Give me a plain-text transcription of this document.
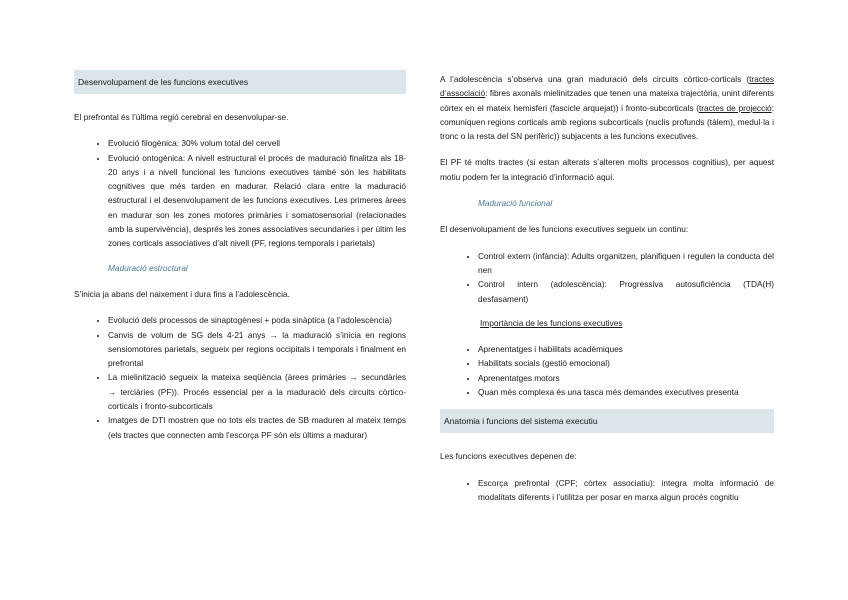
Desenvolupament de les funcions executives

El prefrontal és l’última regió cerebral en desenvolupar-se.

• Evolució filogènica: 30% volum total del cervell
• Evolució ontogènica: A nivell estructural el procés de maduració finalitza als 18-20 anys i a nivell funcional les funcions executives també són les habilitats cognitives que més tarden en madurar. Relació clara entre la maduració estructural i el desenvolupament de les funcions executives. Les primeres àrees en madurar son les zones motores primàries i somatosensorial (relacionades amb la supervivència), després les zones associatives secundaries i per últim les zones corticals associatives d’alt nivell (PF, regions temporals i parietals)
Maduració estructural

S’inicia ja abans del naixement i dura fins a l’adolescència.

• Evolució dels processos de sinaptogènesi + poda sinàptica (a l’adolescència)
• Canvis de volum de SG dels 4-21 anys → la maduració s’inicia en regions sensiomotores parietals, segueix per regions occipitals i temporals i finalment en prefrontal
• La mielinització segueix la mateixa seqüència (àrees primàries → secundàries → terciàries (PF)). Procés essencial per a la maduració dels circuits còrtico-corticals i fronto-subcorticals
• Imatges de DTI mostren que no tots els tractes de SB maduren al mateix temps (els tractes que connecten amb l’escorça PF són els últims a madurar)

A l’adolescència s’observa una gran maduració dels circuits còrtico-corticals (tractes d’associació: fibres axonals mielinitzades que tenen una mateixa trajectòria, unint diferents còrtex en el mateix hemisferi (fascicle arquejat)) i fronto-subcorticals (tractes de projecció: comuniquen regions corticals amb regions subcorticals (nuclis profunds (tàlem), medul·la i tronc o la resta del SN perifèric)) subjacents a les funcions executives.

El PF té molts tractes (si estan alterats s’alteren molts processos cognitius), per aquest motiu podem fer la integració d’informació aquí.

Maduració funcional

El desenvolupament de les funcions executives segueix un continu:

• Control extern (infància): Adults organitzen, planifiquen i regulen la conducta del nen
• Control intern (adolescència): Progressiva autosuficiència (TDA(H) desfasament)
Importància de les funcions executives
• Aprenentatges i habilitats acadèmiques
• Habilitats socials (gestió emocional)
• Aprenentatges motors
• Quan més complexa és una tasca més demandes executives presenta
Anatomia i funcions del sistema executiu

Les funcions executives depenen de:

• Escorça prefrontal (CPF; còrtex associatiu): integra molta informació de modalitats diferents i l’utilitza per posar en marxa algun procés cognitiu
